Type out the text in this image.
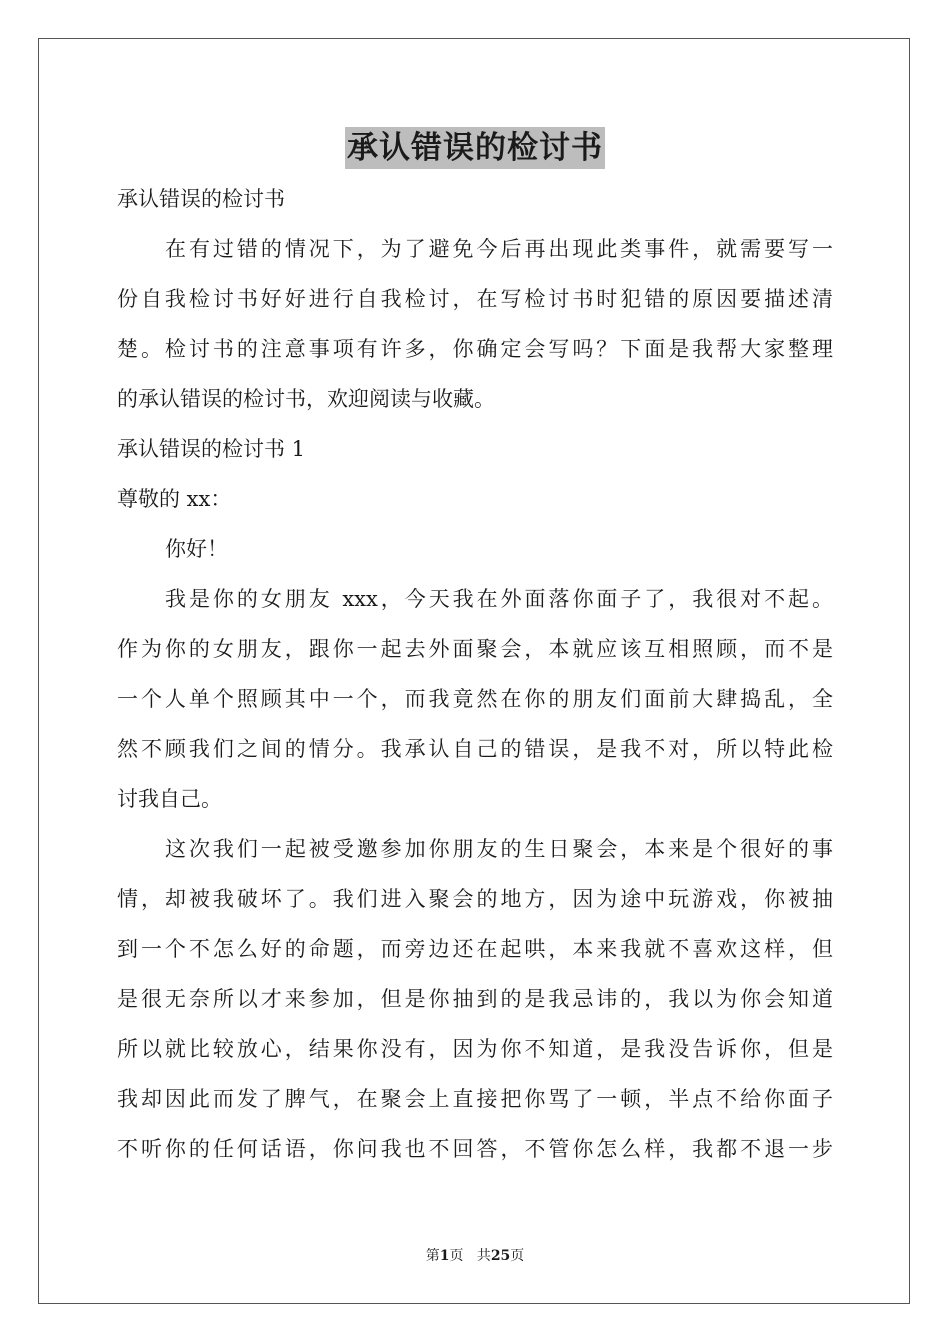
承认错误的检讨书
承认错误的检讨书
在有过错的情况下，为了避免今后再出现此类事件，就需要写一
份自我检讨书好好进行自我检讨，在写检讨书时犯错的原因要描述清
楚。检讨书的注意事项有许多，你确定会写吗？下面是我帮大家整理
的承认错误的检讨书，欢迎阅读与收藏。
承认错误的检讨书 1
尊敬的 xx：
你好！
我是你的女朋友 xxx，今天我在外面落你面子了，我很对不起。
作为你的女朋友，跟你一起去外面聚会，本就应该互相照顾，而不是
一个人单个照顾其中一个，而我竟然在你的朋友们面前大肆捣乱，全
然不顾我们之间的情分。我承认自己的错误，是我不对，所以特此检
讨我自己。
这次我们一起被受邀参加你朋友的生日聚会，本来是个很好的事
情，却被我破坏了。我们进入聚会的地方，因为途中玩游戏，你被抽
到一个不怎么好的命题，而旁边还在起哄，本来我就不喜欢这样，但
是很无奈所以才来参加，但是你抽到的是我忌讳的，我以为你会知道
所以就比较放心，结果你没有，因为你不知道，是我没告诉你，但是
我却因此而发了脾气，在聚会上直接把你骂了一顿，半点不给你面子
不听你的任何话语，你问我也不回答，不管你怎么样，我都不退一步
第1页 共25页
